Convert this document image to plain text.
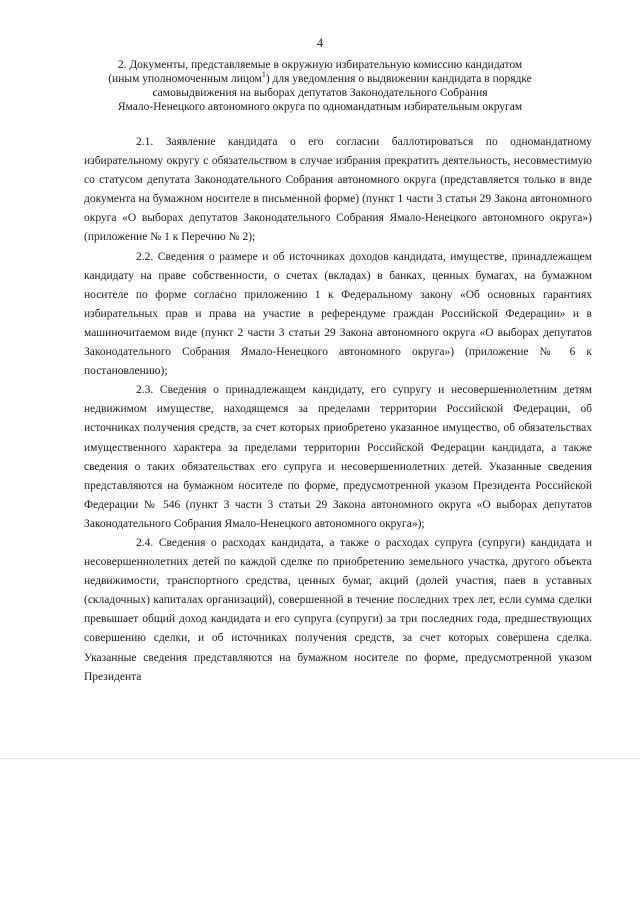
4
2. Документы, представляемые в окружную избирательную комиссию кандидатом
(иным уполномоченным лицом$^1$) для уведомления о выдвижении кандидата в порядке
самовыдвижения на выборах депутатов Законодательного Собрания
Ямало-Ненецкого автономного округа по одномандатным избирательным округам

2.1. Заявление кандидата о его согласии баллотироваться по одномандатному избирательному округу с обязательством в случае избрания прекратить деятельность, несовместимую со статусом депутата Законодательного Собрания автономного округа (представляется только в виде документа на бумажном носителе в письменной форме) (пункт 1 части 3 статьи 29 Закона автономного округа «О выборах депутатов Законодательного Собрания Ямало-Ненецкого автономного округа») (приложение № 1 к Перечню № 2);

2.2. Сведения о размере и об источниках доходов кандидата, имуществе, принадлежащем кандидату на праве собственности, о счетах (вкладах) в банках, ценных бумагах, на бумажном носителе по форме согласно приложению 1 к Федеральному закону «Об основных гарантиях избирательных прав и права на участие в референдуме граждан Российской Федерации» и в машиночитаемом виде (пункт 2 части 3 статьи 29 Закона автономного округа «О выборах депутатов Законодательного Собрания Ямало-Ненецкого автономного округа») (приложение № 6 к постановлению);

2.3. Сведения о принадлежащем кандидату, его супругу и несовершеннолетним детям недвижимом имуществе, находящемся за пределами территории Российской Федерации, об источниках получения средств, за счет которых приобретено указанное имущество, об обязательствах имущественного характера за пределами территории Российской Федерации кандидата, а также сведения о таких обязательствах его супруга и несовершеннолетних детей. Указанные сведения представляются на бумажном носителе по форме, предусмотренной указом Президента Российской Федерации № 546 (пункт 3 части 3 статьи 29 Закона автономного округа «О выборах депутатов Законодательного Собрания Ямало-Ненецкого автономного округа»);

2.4. Сведения о расходах кандидата, а также о расходах супруга (супруги) кандидата и несовершеннолетних детей по каждой сделке по приобретению земельного участка, другого объекта недвижимости, транспортного средства, ценных бумаг, акций (долей участия, паев в уставных (складочных) капиталах организаций), совершенной в течение последних трех лет, если сумма сделки превышает общий доход кандидата и его супруга (супруги) за три последних года, предшествующих совершению сделки, и об источниках получения средств, за счет которых совершена сделка. Указанные сведения представляются на бумажном носителе по форме, предусмотренной указом Президента
